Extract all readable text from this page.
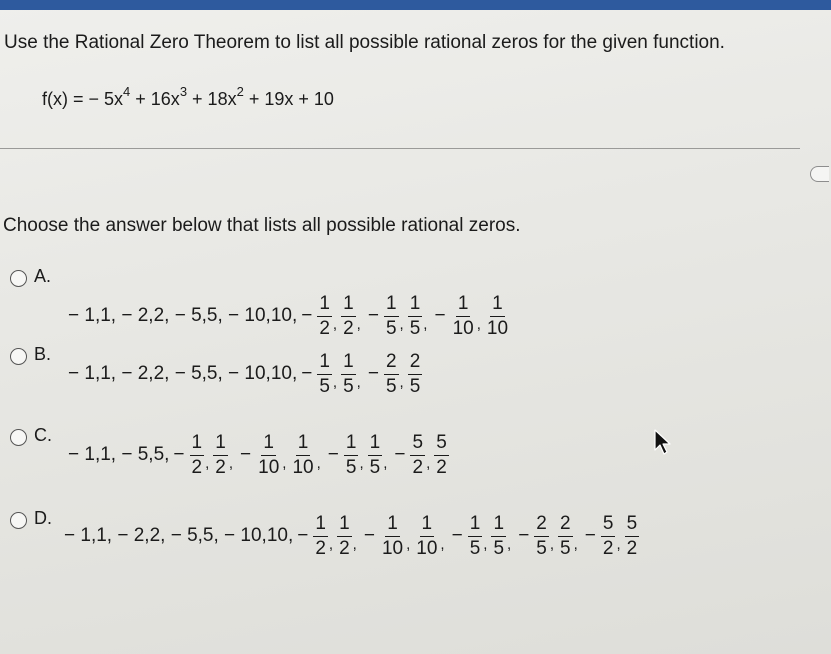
Use the Rational Zero Theorem to list all possible rational zeros for the given function.
f(x) = − $5x^4 + 16x^3 + 18x^2 + 19x + 10$
Choose the answer below that lists all possible rational zeros.
A.
− 1,1, − 2,2, − 5,5, − 10,10, − $\frac{1}{2}$ , $\frac{1}{2}$ , − $\frac{1}{5}$ , $\frac{1}{5}$ , − $\frac{1}{10}$ , $\frac{1}{10}$
B.
− 1,1, − 2,2, − 5,5, − 10,10, − $\frac{1}{5}$ , $\frac{1}{5}$ , − $\frac{2}{5}$ , $\frac{2}{5}$
C.
− 1,1, − 5,5, − $\frac{1}{2}$ , $\frac{1}{2}$ , − $\frac{1}{10}$ , $\frac{1}{10}$ , − $\frac{1}{5}$ , $\frac{1}{5}$ , − $\frac{5}{2}$ , $\frac{5}{2}$
D.
− 1,1, − 2,2, − 5,5, − 10,10, − $\frac{1}{2}$ , $\frac{1}{2}$ , − $\frac{1}{10}$ , $\frac{1}{10}$ , − $\frac{1}{5}$ , $\frac{1}{5}$ , − $\frac{2}{5}$ , $\frac{2}{5}$ , − $\frac{5}{2}$ , $\frac{5}{2}$
